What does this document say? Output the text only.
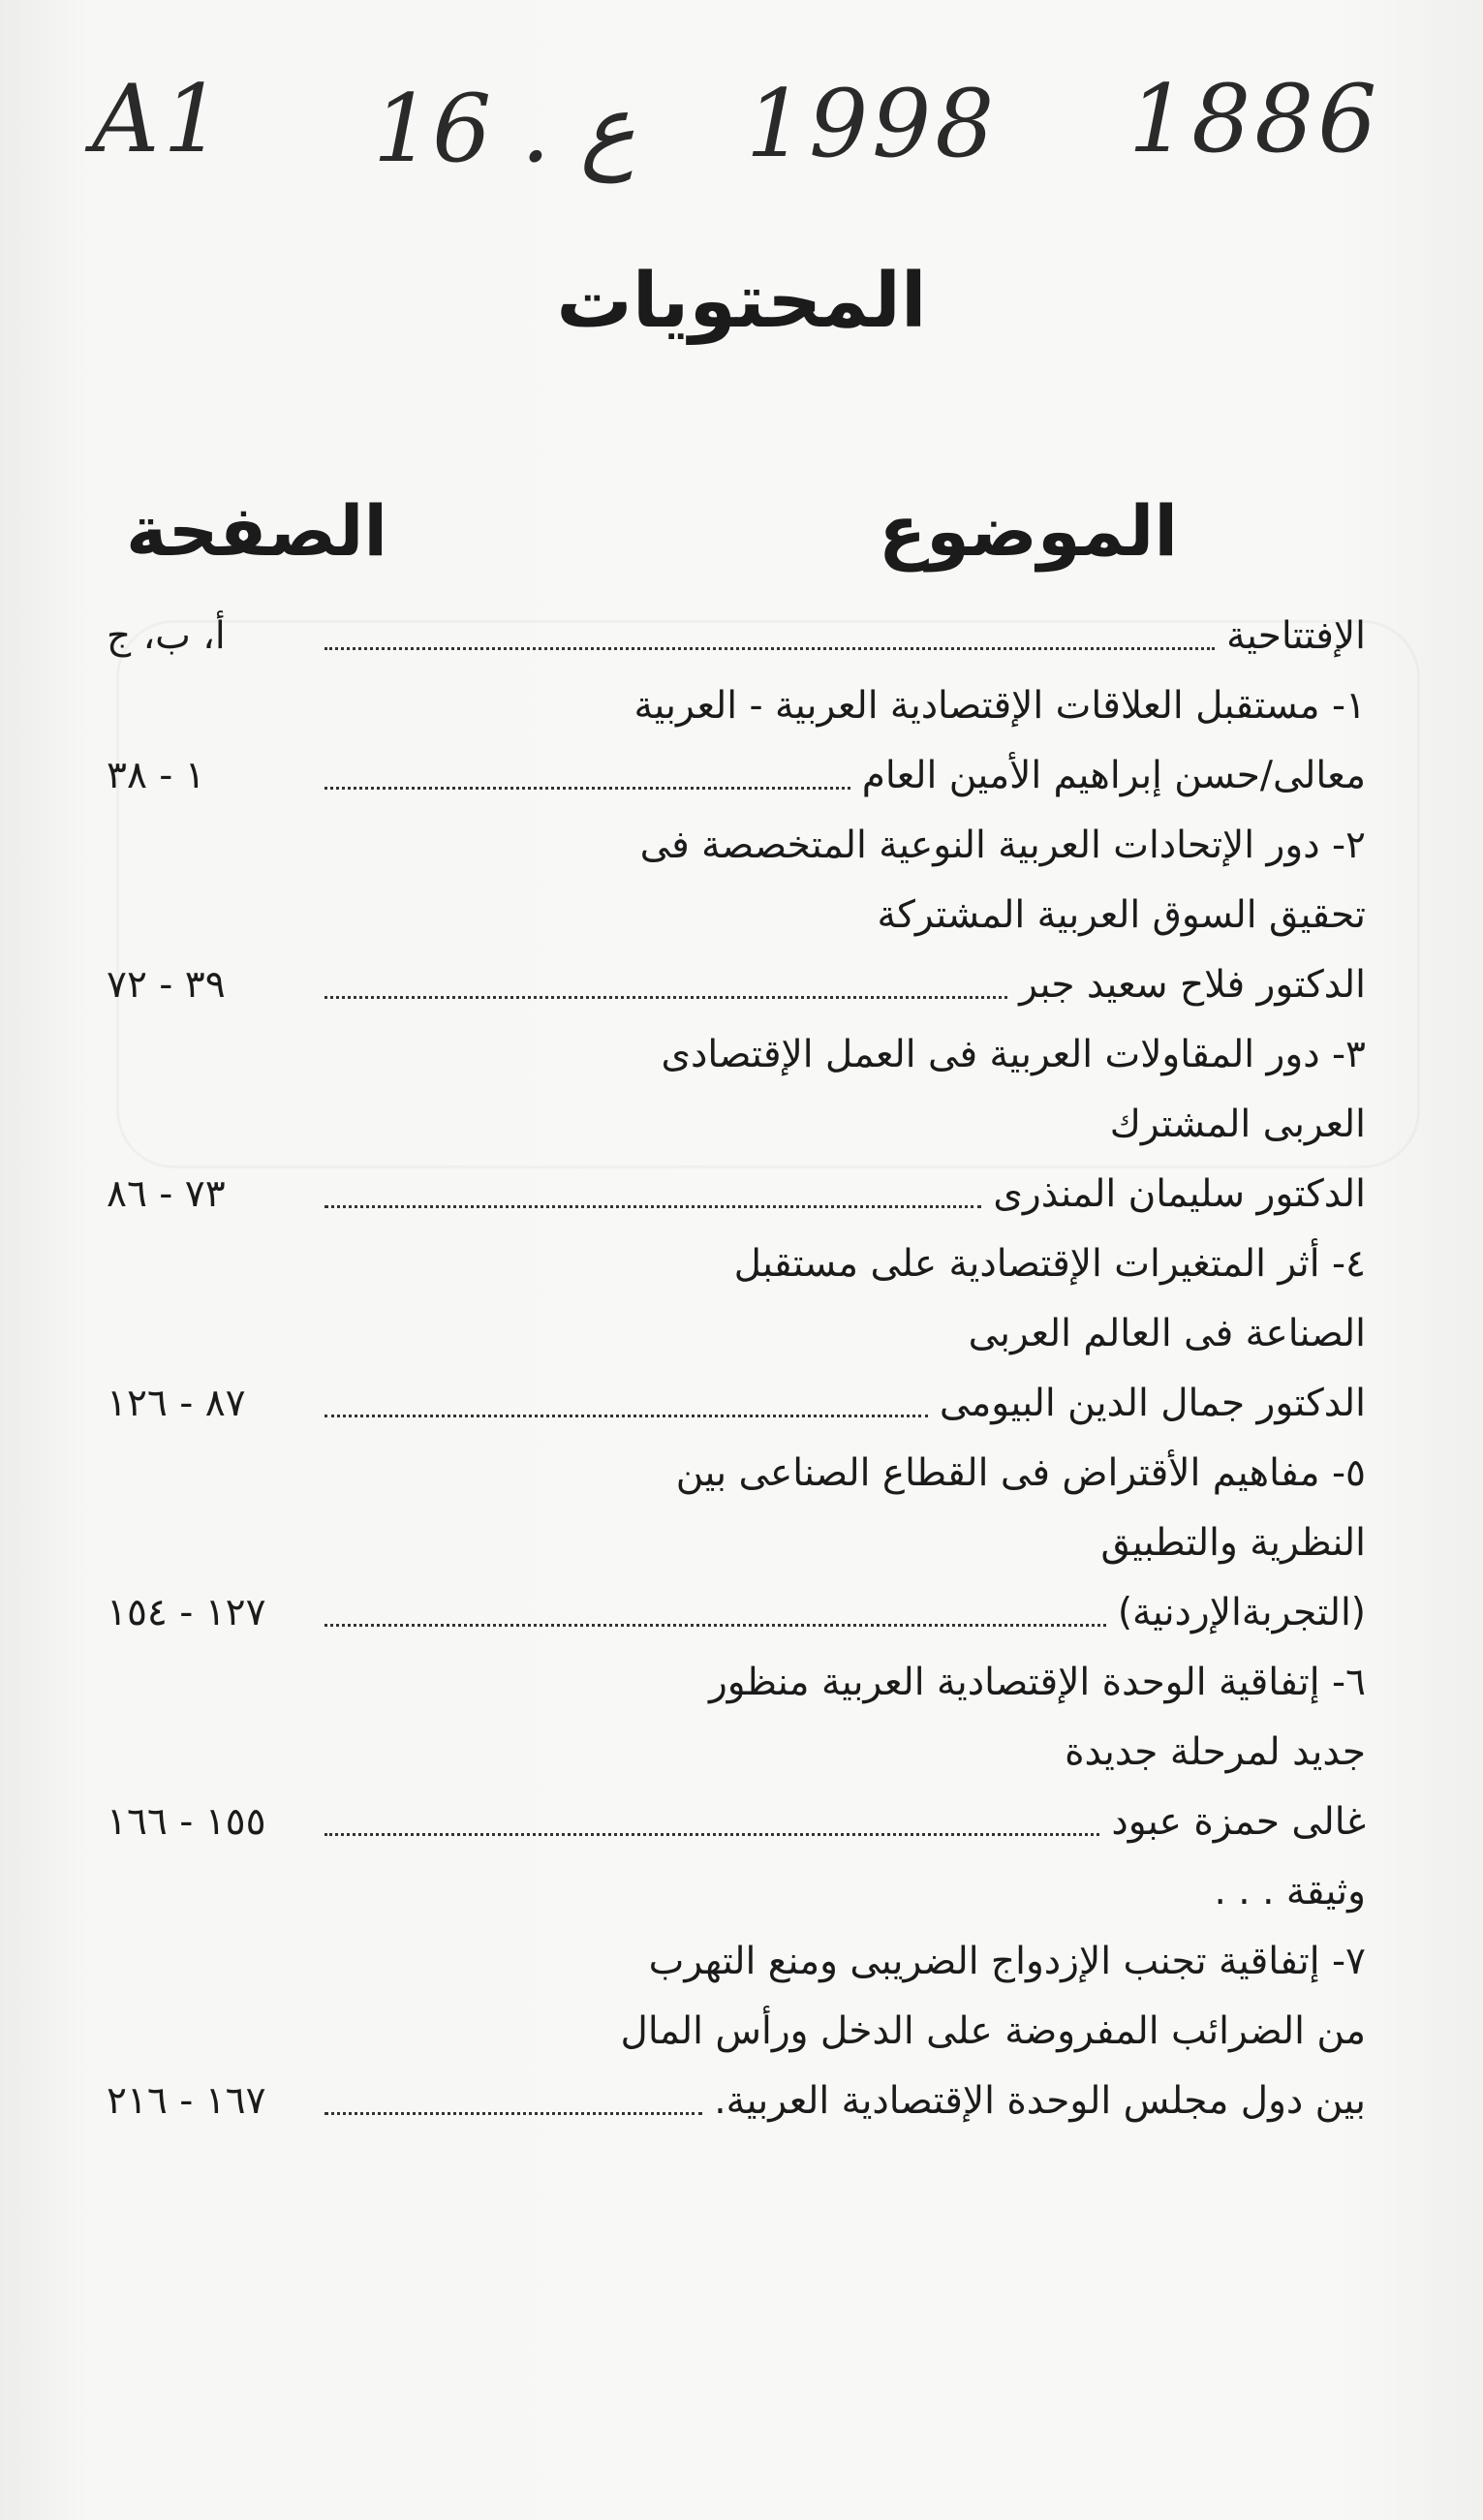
A1 16 . ع 1998 1886
المحتويات
الموضوع
الصفحة
الإفتتاحية
أ، ب، ج
١- مستقبل العلاقات الإقتصادية العربية - العربية
معالى/حسن إبراهيم الأمين العام
١ - ٣٨
٢- دور الإتحادات العربية النوعية المتخصصة فى
تحقيق السوق العربية المشتركة
الدكتور فلاح سعيد جبر
٣٩ - ٧٢
٣- دور المقاولات العربية فى العمل الإقتصادى
العربى المشترك
الدكتور سليمان المنذرى
٧٣ - ٨٦
٤- أثر المتغيرات الإقتصادية على مستقبل
الصناعة فى العالم العربى
الدكتور جمال الدين البيومى
٨٧ - ١٢٦
٥- مفاهيم الأقتراض فى القطاع الصناعى بين
النظرية والتطبيق
(التجربةالإردنية)
١٢٧ - ١٥٤
٦- إتفاقية الوحدة الإقتصادية العربية منظور
جديد لمرحلة جديدة
غالى حمزة عبود
١٥٥ - ١٦٦
وثيقة . . .
٧- إتفاقية تجنب الإزدواج الضريبى ومنع التهرب
من الضرائب المفروضة على الدخل ورأس المال
بين دول مجلس الوحدة الإقتصادية العربية.
١٦٧ - ٢١٦
